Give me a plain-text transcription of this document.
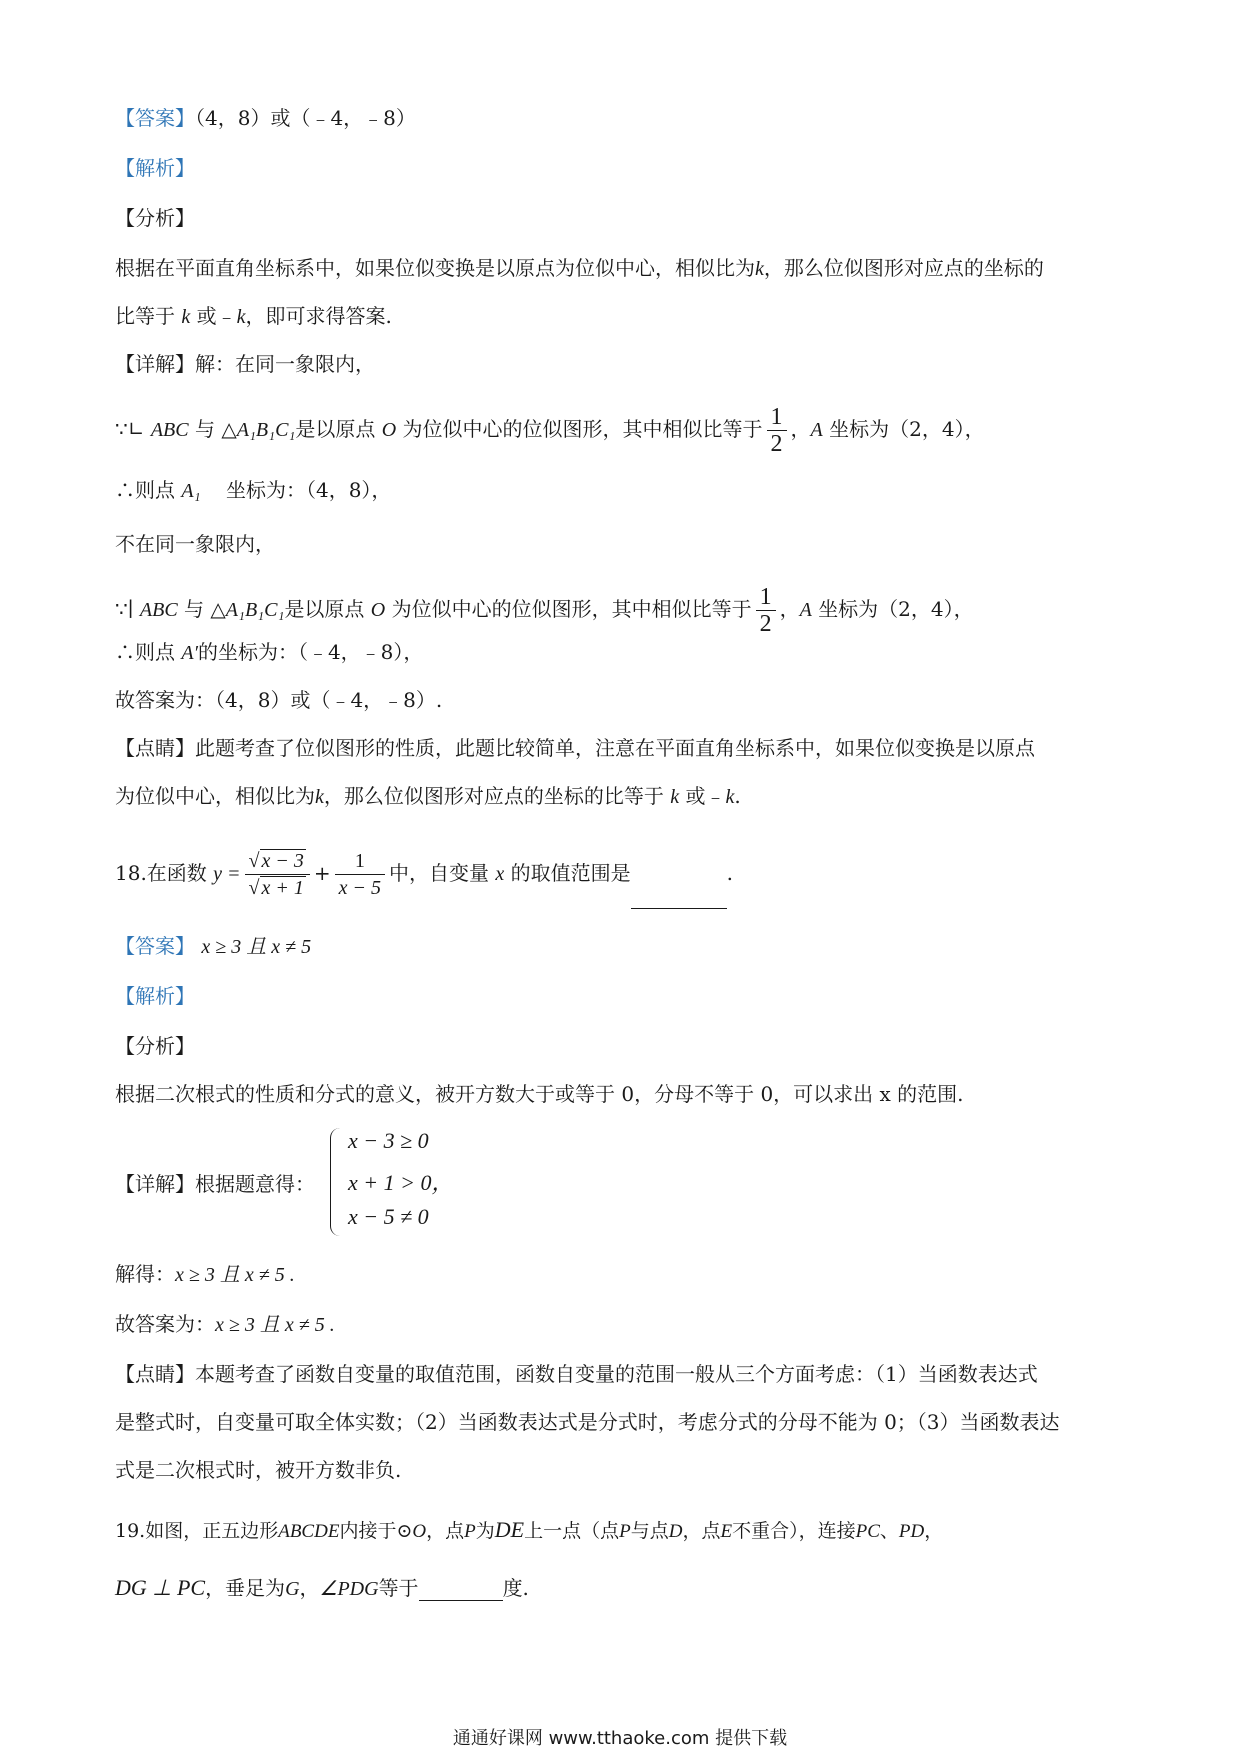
【答案】（4，8）或（﹣4，﹣8）
【解析】
【分析】
根据在平面直角坐标系中，如果位似变换是以原点为位似中心，相似比为k，那么位似图形对应点的坐标的
比等于 k 或﹣k，即可求得答案.
【详解】解：在同一象限内，
∵∟ ABC 与 △A₁B₁C₁是以原点 O 为位似中心的位似图形，其中相似比等于 $\frac{1}{2}$ ，A 坐标为（2，4），
∴则点 A₁ 坐标为：（4，8），
不在同一象限内，
∵∣ ABC 与 △A₁B₁C₁是以原点 O 为位似中心的位似图形，其中相似比等于 $\frac{1}{2}$ ，A 坐标为（2，4），
∴则点 A′的坐标为：（﹣4，﹣8），
故答案为：（4，8）或（﹣4，﹣8）.
【点睛】此题考查了位似图形的性质，此题比较简单，注意在平面直角坐标系中，如果位似变换是以原点
为位似中心，相似比为k，那么位似图形对应点的坐标的比等于 k 或﹣k.
18.在函数 $y = \frac{√ x - 3}{√ x + 1} + \frac{1}{x - 5}$ 中，自变量 x 的取值范围是	.
【答案】 x ≥ 3 且 x ≠ 5
【解析】
【分析】
根据二次根式的性质和分式的意义，被开方数大于或等于 0，分母不等于 0，可以求出 x 的范围.
【详解】根据题意得：
x − 3 ≥ 0
x + 1 > 0，
x − 5 ≠ 0
解得：x ≥ 3 且 x ≠ 5 .
故答案为：x ≥ 3 且 x ≠ 5 .
【点睛】本题考查了函数自变量的取值范围，函数自变量的范围一般从三个方面考虑：（1）当函数表达式
是整式时，自变量可取全体实数；（2）当函数表达式是分式时，考虑分式的分母不能为 0；（3）当函数表达
式是二次根式时，被开方数非负.
19.如图，正五边形ABCDE内接于⊙O，点P为DE上一点（点P与点D，点E不重合），连接PC、PD，
DG ⊥ PC，垂足为G，∠PDG等于	度.
通通好课网 www.tthaoke.com 提供下载
